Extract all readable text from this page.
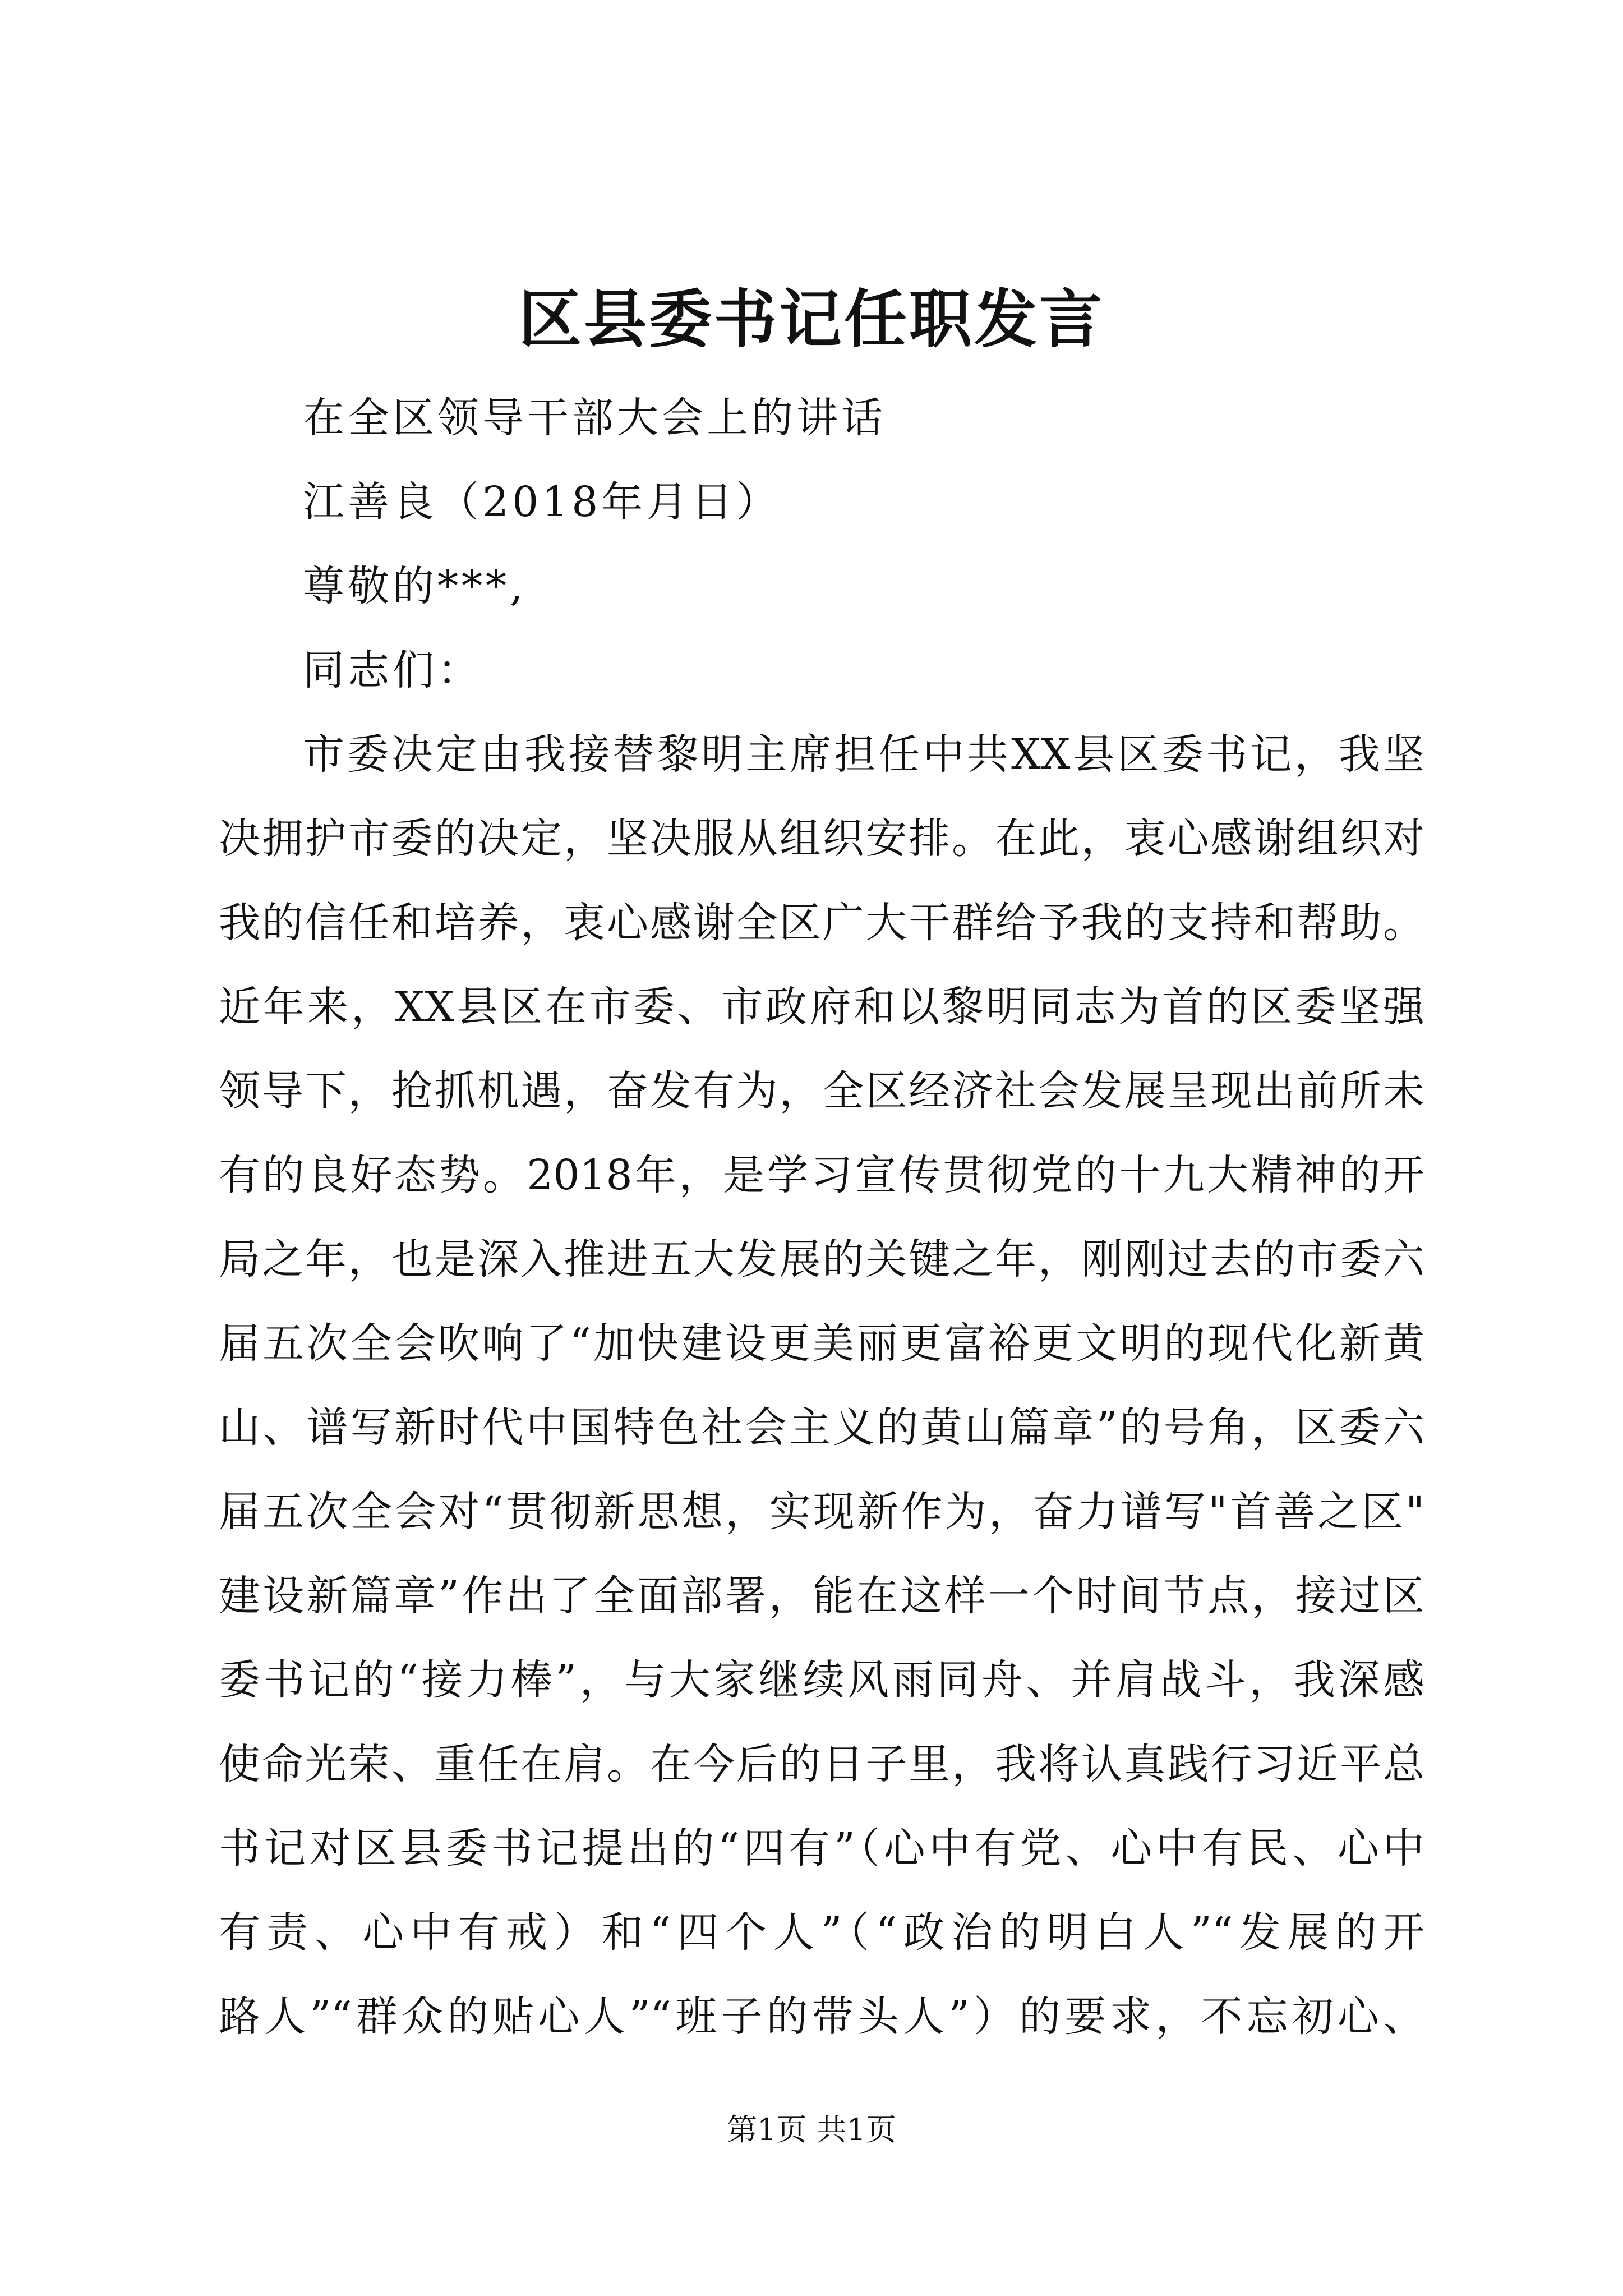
区县委书记任职发言
在全区领导干部大会上的讲话
江善良（2018年月日）
尊敬的***,
同志们：
市委决定由我接替黎明主席担任中共XX县区委书记，我坚
决拥护市委的决定，坚决服从组织安排。在此，衷心感谢组织对
我的信任和培养，衷心感谢全区广大干群给予我的支持和帮助。
近年来，XX县区在市委、市政府和以黎明同志为首的区委坚强
领导下，抢抓机遇，奋发有为，全区经济社会发展呈现出前所未
有的良好态势。2018年，是学习宣传贯彻党的十九大精神的开
局之年，也是深入推进五大发展的关键之年，刚刚过去的市委六
届五次全会吹响了“加快建设更美丽更富裕更文明的现代化新黄
山、谱写新时代中国特色社会主义的黄山篇章”的号角，区委六
届五次全会对“贯彻新思想，实现新作为，奋力谱写"首善之区"
建设新篇章”作出了全面部署，能在这样一个时间节点，接过区
委书记的“接力棒”，与大家继续风雨同舟、并肩战斗，我深感
使命光荣、重任在肩。在今后的日子里，我将认真践行习近平总
书记对区县委书记提出的“四有”（心中有党、心中有民、心中
有责、心中有戒）和“四个人”（“政治的明白人”“发展的开
路人”“群众的贴心人”“班子的带头人”）的要求，不忘初心、
第1页 共1页
